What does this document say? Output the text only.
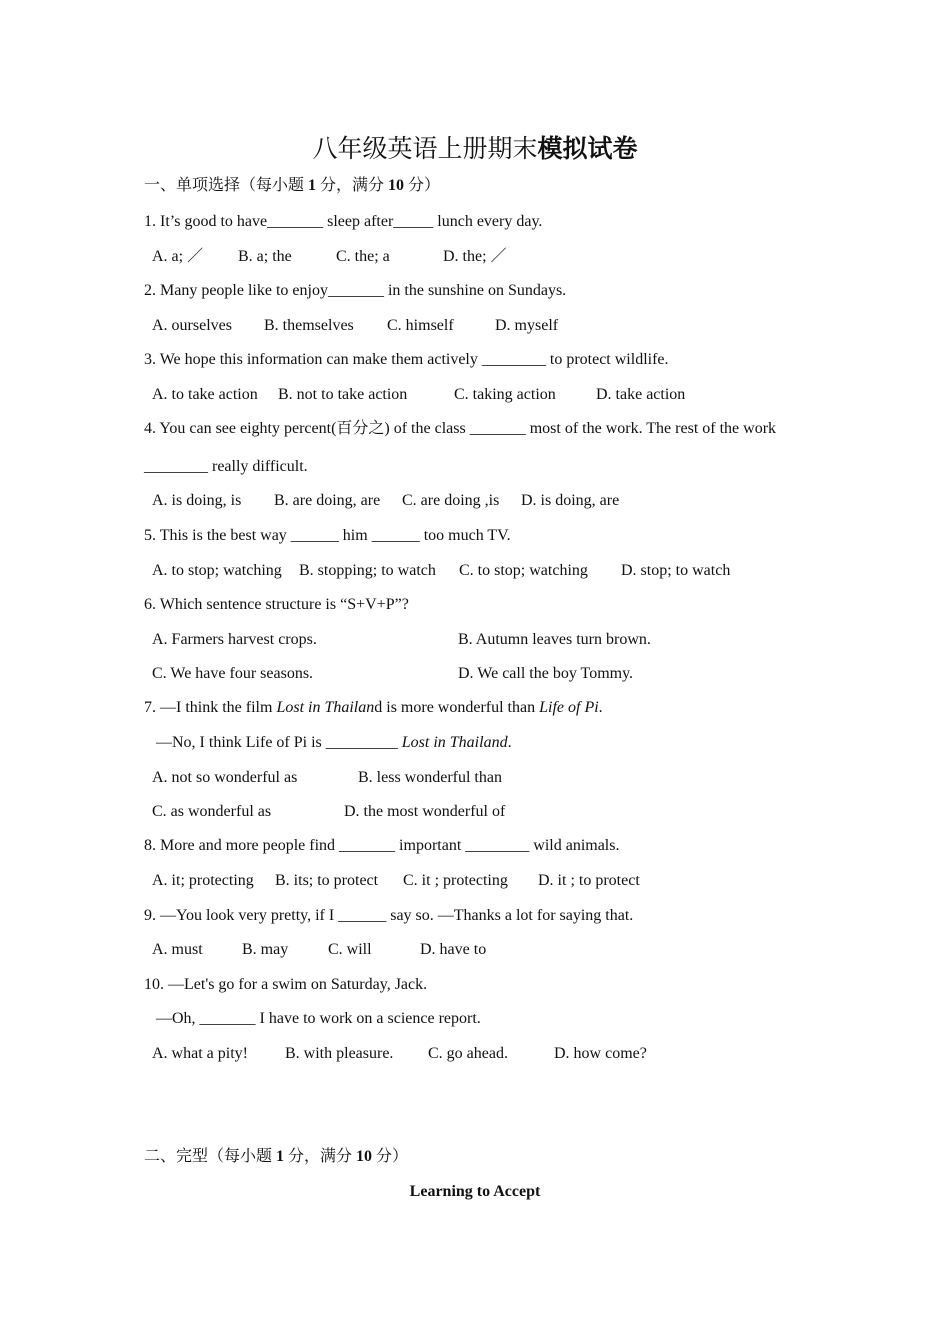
八年级英语上册期末模拟试卷
一、单项选择（每小题 1 分，满分 10 分）
1. It’s good to have_______ sleep after_____ lunch every day.
A. a; ／ B. a; the	C. the; a	D. the; ／
2. Many people like to enjoy_______ in the sunshine on Sundays.
A. ourselves B. themselves C. himself	D. myself
3. We hope this information can make them actively ________ to protect wildlife.
A. to take action B. not to take action	C. taking action	D. take action
4. You can see eighty percent(百分之) of the class _______ most of the work. The rest of the work
________ really difficult.
A. is doing, is B. are doing, are C. are doing ,is D. is doing, are
5. This is the best way ______ him ______ too much TV.
A. to stop; watching B. stopping; to watch C. to stop; watching D. stop; to watch
6. Which sentence structure is “S+V+P”?
A. Farmers harvest crops.	B. Autumn leaves turn brown.
C. We have four seasons.	D. We call the boy Tommy.
7. —I think the film Lost in Thailand is more wonderful than Life of Pi.
—No, I think Life of Pi is _________ Lost in Thailand.
A. not so wonderful as	B. less wonderful than
C. as wonderful as	D. the most wonderful of
8. More and more people find _______ important ________ wild animals.
A. it; protecting B. its; to protect C. it ; protecting D. it ; to protect
9. —You look very pretty, if I ______ say so. —Thanks a lot for saying that.
A. must B. may C. will	D. have to
10. —Let's go for a swim on Saturday, Jack.
—Oh, _______ I have to work on a science report.
A. what a pity! B. with pleasure. C. go ahead.	D. how come?
二、完型（每小题 1 分，满分 10 分）
Learning to Accept
